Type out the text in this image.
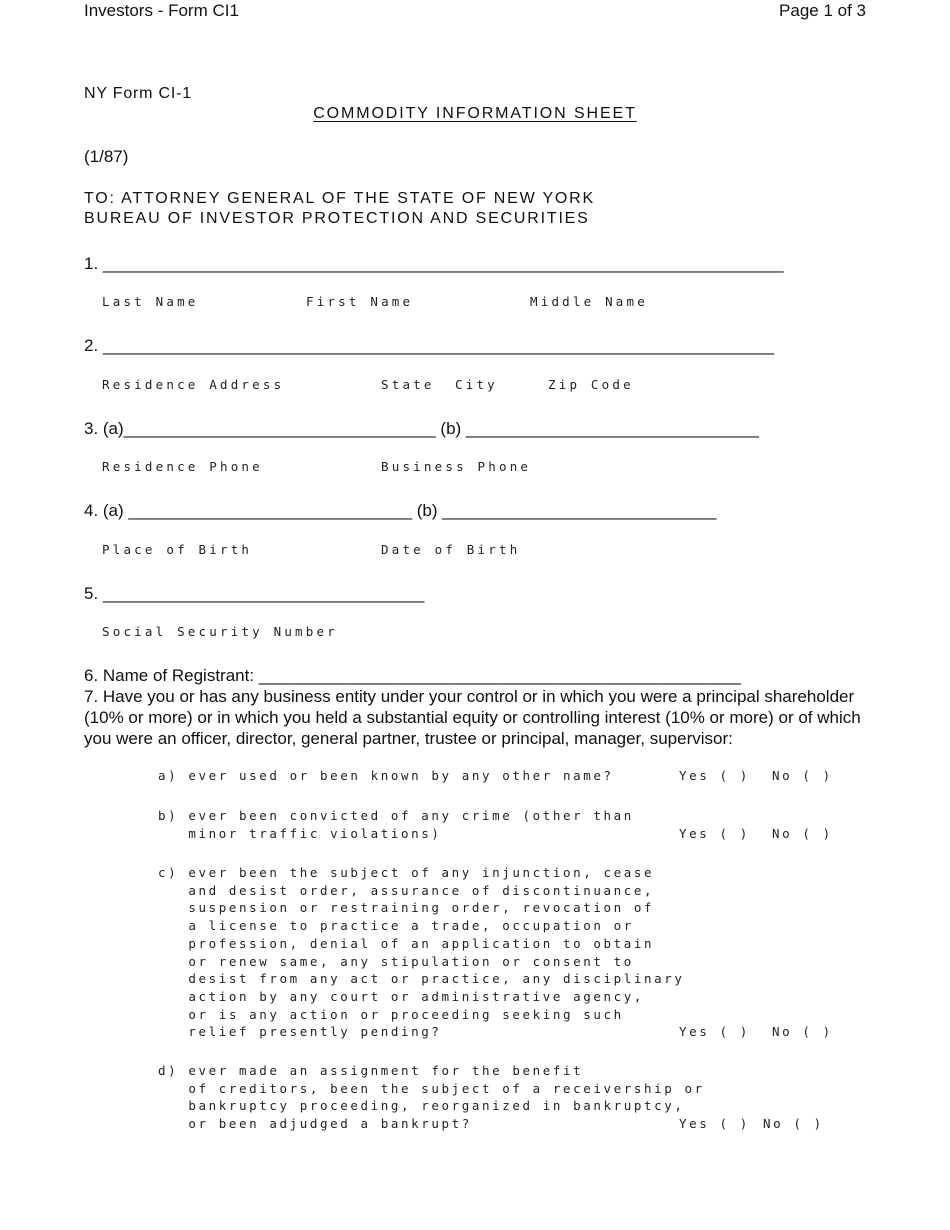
Investors - Form CI1	Page 1 of 3
NY Form CI-1
COMMODITY INFORMATION SHEET
(1/87)
TO: ATTORNEY GENERAL OF THE STATE OF NEW YORK
BUREAU OF INVESTOR PROTECTION AND SECURITIES
1. ________________________________________________________________________
Last Name	First Name	Middle Name
2. _______________________________________________________________________
Residence Address	State City	Zip Code
3. (a)_________________________________ (b) _______________________________
Residence Phone	Business Phone
4. (a) ______________________________ (b) _____________________________
Place of Birth	Date of Birth
5. __________________________________
Social Security Number
6. Name of Registrant: ___________________________________________________
7. Have you or has any business entity under your control or in which you were a principal shareholder (10% or more) or in which you held a substantial equity or controlling interest (10% or more) or of which you were an officer, director, general partner, trustee or principal, manager, supervisor:
a) ever used or been known by any other name?	Yes ( ) No ( )
b) ever been convicted of any crime (other than
minor traffic violations)	Yes ( ) No ( )
c) ever been the subject of any injunction, cease
and desist order, assurance of discontinuance,
suspension or restraining order, revocation of
a license to practice a trade, occupation or
profession, denial of an application to obtain
or renew same, any stipulation or consent to
desist from any act or practice, any disciplinary
action by any court or administrative agency,
or is any action or proceeding seeking such
relief presently pending?	Yes ( ) No ( )
d) ever made an assignment for the benefit
of creditors, been the subject of a receivership or
bankruptcy proceeding, reorganized in bankruptcy,
or been adjudged a bankrupt?	Yes ( ) No ( )
